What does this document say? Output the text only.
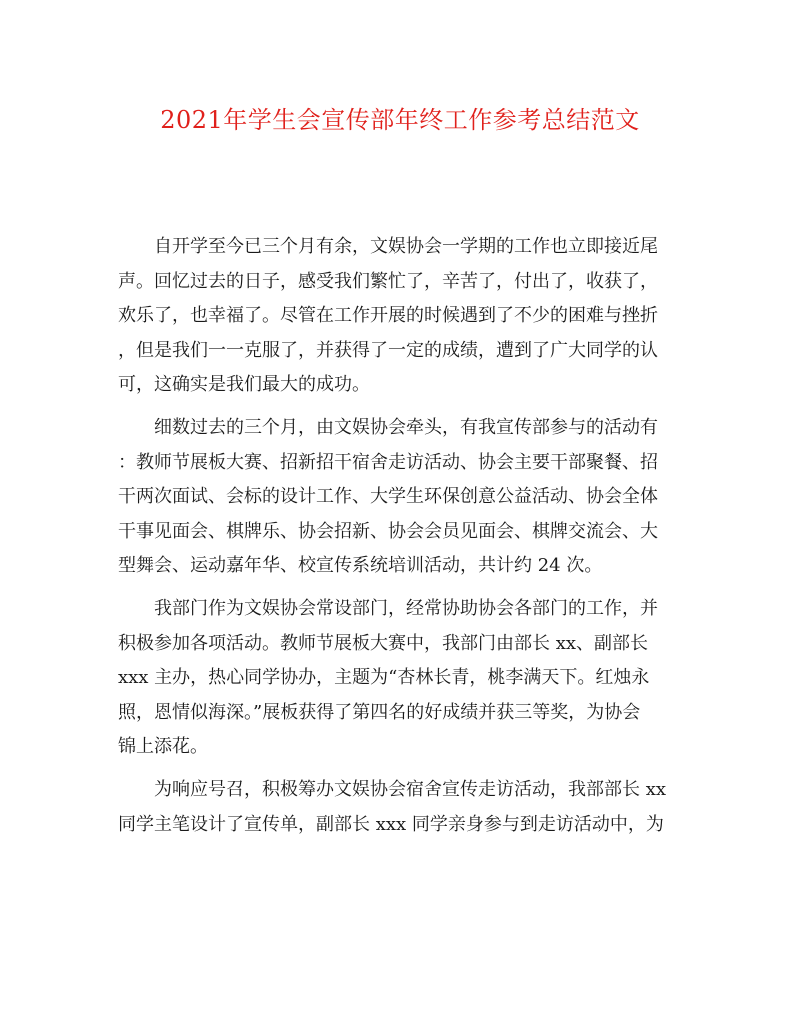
2021年学生会宣传部年终工作参考总结范文

自开学至今已三个月有余，文娱协会一学期的工作也立即接近尾
声。回忆过去的日子，感受我们繁忙了，辛苦了，付出了，收获了，
欢乐了，也幸福了。尽管在工作开展的时候遇到了不少的困难与挫折
，但是我们一一克服了，并获得了一定的成绩，遭到了广大同学的认
可，这确实是我们最大的成功。

细数过去的三个月，由文娱协会牵头，有我宣传部参与的活动有
：教师节展板大赛、招新招干宿舍走访活动、协会主要干部聚餐、招
干两次面试、会标的设计工作、大学生环保创意公益活动、协会全体
干事见面会、棋牌乐、协会招新、协会会员见面会、棋牌交流会、大
型舞会、运动嘉年华、校宣传系统培训活动，共计约 24 次。

我部门作为文娱协会常设部门，经常协助协会各部门的工作，并
积极参加各项活动。教师节展板大赛中，我部门由部长 xx、副部长
xxx 主办，热心同学协办，主题为“杏林长青，桃李满天下。红烛永
照，恩情似海深。”展板获得了第四名的好成绩并获三等奖，为协会
锦上添花。

为响应号召，积极筹办文娱协会宿舍宣传走访活动，我部部长 xx
同学主笔设计了宣传单，副部长 xxx 同学亲身参与到走访活动中，为
